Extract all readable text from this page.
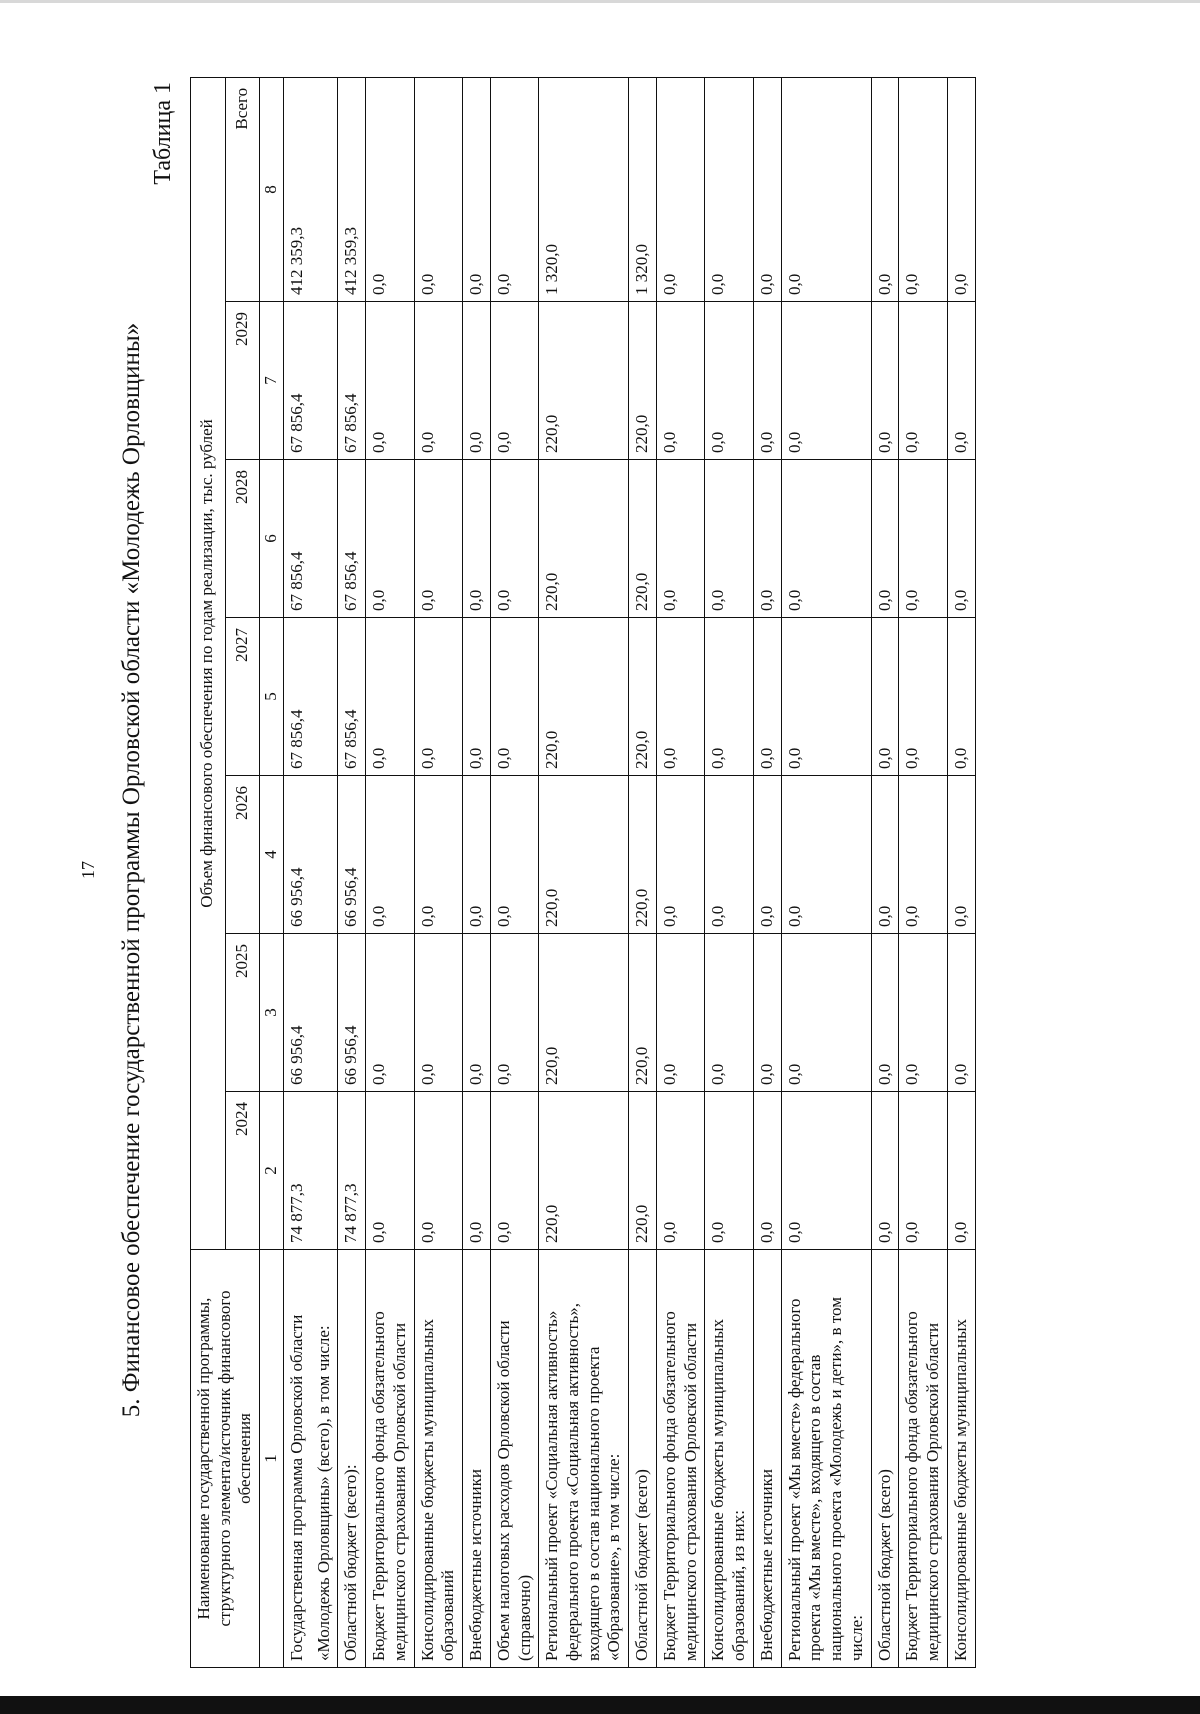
17 5. Финансовое обеспечение государственной программы Орловской области «Молодежь Орловщины»
Таблица 1
Наименование государственной программы, структурного элемента/источник финансового обеспечения	Объем финансового обеспечения по годам реализации, тыс. рублей						
	2024	2025	2026	2027	2028	2029	Всего
1	2	3	4	5	6	7	8
Государственная программа Орловской области	74 877,3	66 956,4	66 956,4	67 856,4	67 856,4	67 856,4	412 359,3
«Молодежь Орловщины» (всего), в том числе:							
Областной бюджет (всего):	74 877,3	66 956,4	66 956,4	67 856,4	67 856,4	67 856,4	412 359,3
Бюджет Территориального фонда обязательного медицинского страхования Орловской области	0,0	0,0	0,0	0,0	0,0	0,0	0,0
Консолидированные бюджеты муниципальных образований	0,0	0,0	0,0	0,0	0,0	0,0	0,0
Внебюджетные источники	0,0	0,0	0,0	0,0	0,0	0,0	0,0
Объем налоговых расходов Орловской области (справочно)	0,0	0,0	0,0	0,0	0,0	0,0	0,0
Региональный проект «Социальная активность» федерального проекта «Социальная активность», входящего в состав национального проекта «Образование», в том числе:	220,0	220,0	220,0	220,0	220,0	220,0	1 320,0
Областной бюджет (всего)	220,0	220,0	220,0	220,0	220,0	220,0	1 320,0
Бюджет Территориального фонда обязательного медицинского страхования Орловской области	0,0	0,0	0,0	0,0	0,0	0,0	0,0
Консолидированные бюджеты муниципальных образований, из них:	0,0	0,0	0,0	0,0	0,0	0,0	0,0
Внебюджетные источники	0,0	0,0	0,0	0,0	0,0	0,0	0,0
Региональный проект «Мы вместе» федерального проекта «Мы вместе», входящего в состав национального проекта «Молодежь и дети», в том числе:	0,0	0,0	0,0	0,0	0,0	0,0	0,0
Областной бюджет (всего)	0,0	0,0	0,0	0,0	0,0	0,0	0,0
Бюджет Территориального фонда обязательного медицинского страхования Орловской области	0,0	0,0	0,0	0,0	0,0	0,0	0,0
Консолидированные бюджеты муниципальных	0,0	0,0	0,0	0,0	0,0	0,0	0,0
